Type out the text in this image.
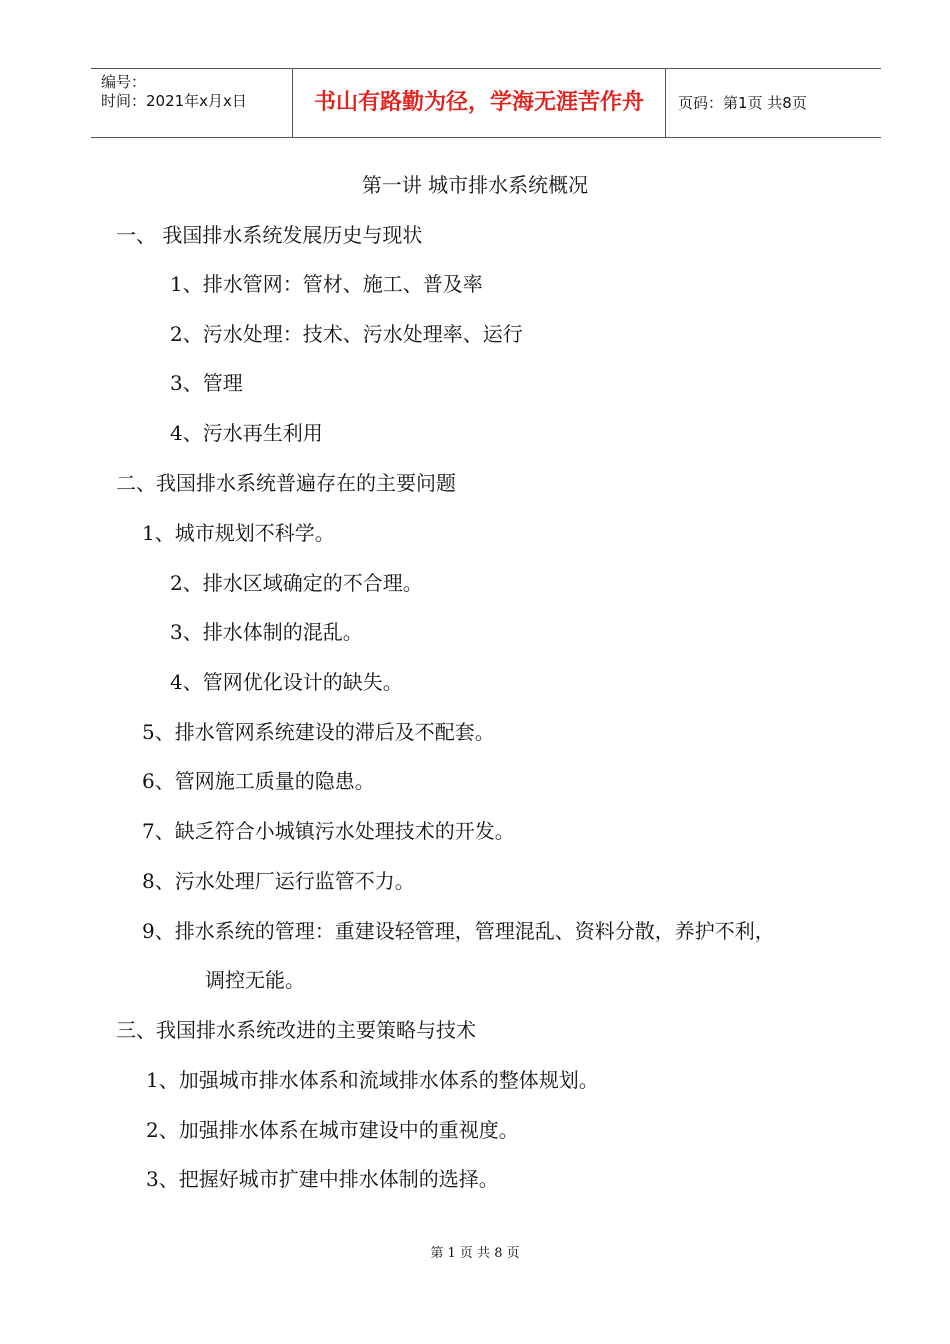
编号：
时间：2021年x月x日	书山有路勤为径，学海无涯苦作舟	页码：第1页 共8页
第一讲 城市排水系统概况
一、 我国排水系统发展历史与现状
1、排水管网：管材、施工、普及率
2、污水处理：技术、污水处理率、运行
3、管理
4、污水再生利用
二、我国排水系统普遍存在的主要问题
1、城市规划不科学。
2、排水区域确定的不合理。
3、排水体制的混乱。
4、管网优化设计的缺失。
5、排水管网系统建设的滞后及不配套。
6、管网施工质量的隐患。
7、缺乏符合小城镇污水处理技术的开发。
8、污水处理厂运行监管不力。
9、排水系统的管理：重建设轻管理，管理混乱、资料分散，养护不利，
调控无能。
三、我国排水系统改进的主要策略与技术
1、加强城市排水体系和流域排水体系的整体规划。
2、加强排水体系在城市建设中的重视度。
3、把握好城市扩建中排水体制的选择。
第 1 页 共 8 页
